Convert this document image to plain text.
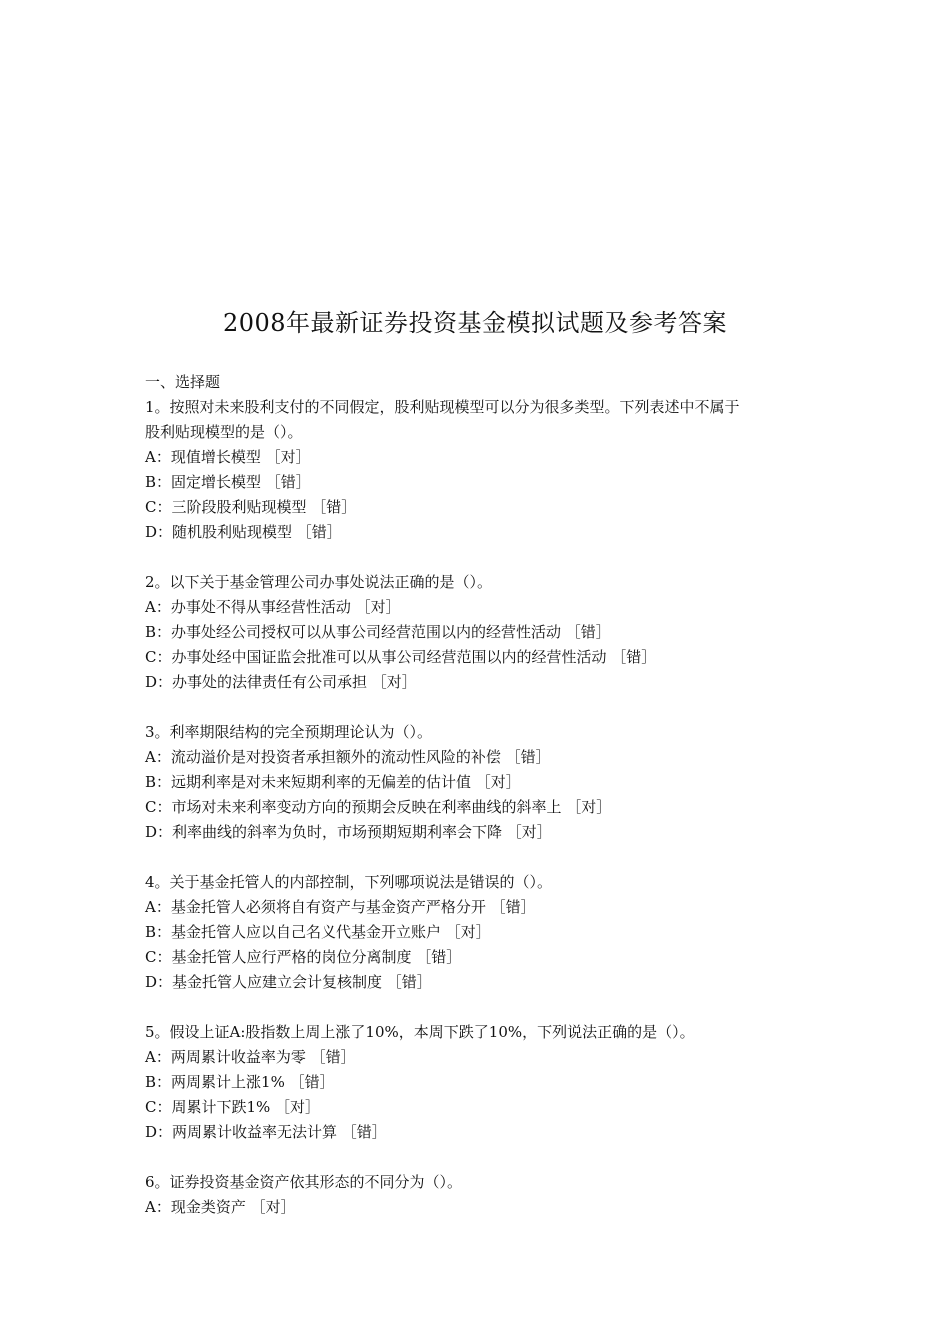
2008年最新证券投资基金模拟试题及参考答案

一、选择题

1。按照对未来股利支付的不同假定，股利贴现模型可以分为很多类型。下列表述中不属于
股利贴现模型的是（）。

A：现值增长模型 ［对］

B：固定增长模型 ［错］

C：三阶段股利贴现模型 ［错］

D：随机股利贴现模型 ［错］

2。以下关于基金管理公司办事处说法正确的是（）。

A：办事处不得从事经营性活动 ［对］

B：办事处经公司授权可以从事公司经营范围以内的经营性活动 ［错］

C：办事处经中国证监会批准可以从事公司经营范围以内的经营性活动 ［错］

D：办事处的法律责任有公司承担 ［对］

3。利率期限结构的完全预期理论认为（）。

A：流动溢价是对投资者承担额外的流动性风险的补偿 ［错］

B：远期利率是对未来短期利率的无偏差的估计值 ［对］

C：市场对未来利率变动方向的预期会反映在利率曲线的斜率上 ［对］

D：利率曲线的斜率为负时，市场预期短期利率会下降 ［对］

4。关于基金托管人的内部控制，下列哪项说法是错误的（）。

A：基金托管人必须将自有资产与基金资产严格分开 ［错］

B：基金托管人应以自己名义代基金开立账户 ［对］

C：基金托管人应行严格的岗位分离制度 ［错］

D：基金托管人应建立会计复核制度 ［错］

5。假设上证A:股指数上周上涨了10%，本周下跌了10%，下列说法正确的是（）。

A：两周累计收益率为零 ［错］

B：两周累计上涨1% ［错］

C：周累计下跌1% ［对］

D：两周累计收益率无法计算 ［错］

6。证券投资基金资产依其形态的不同分为（）。

A：现金类资产 ［对］
